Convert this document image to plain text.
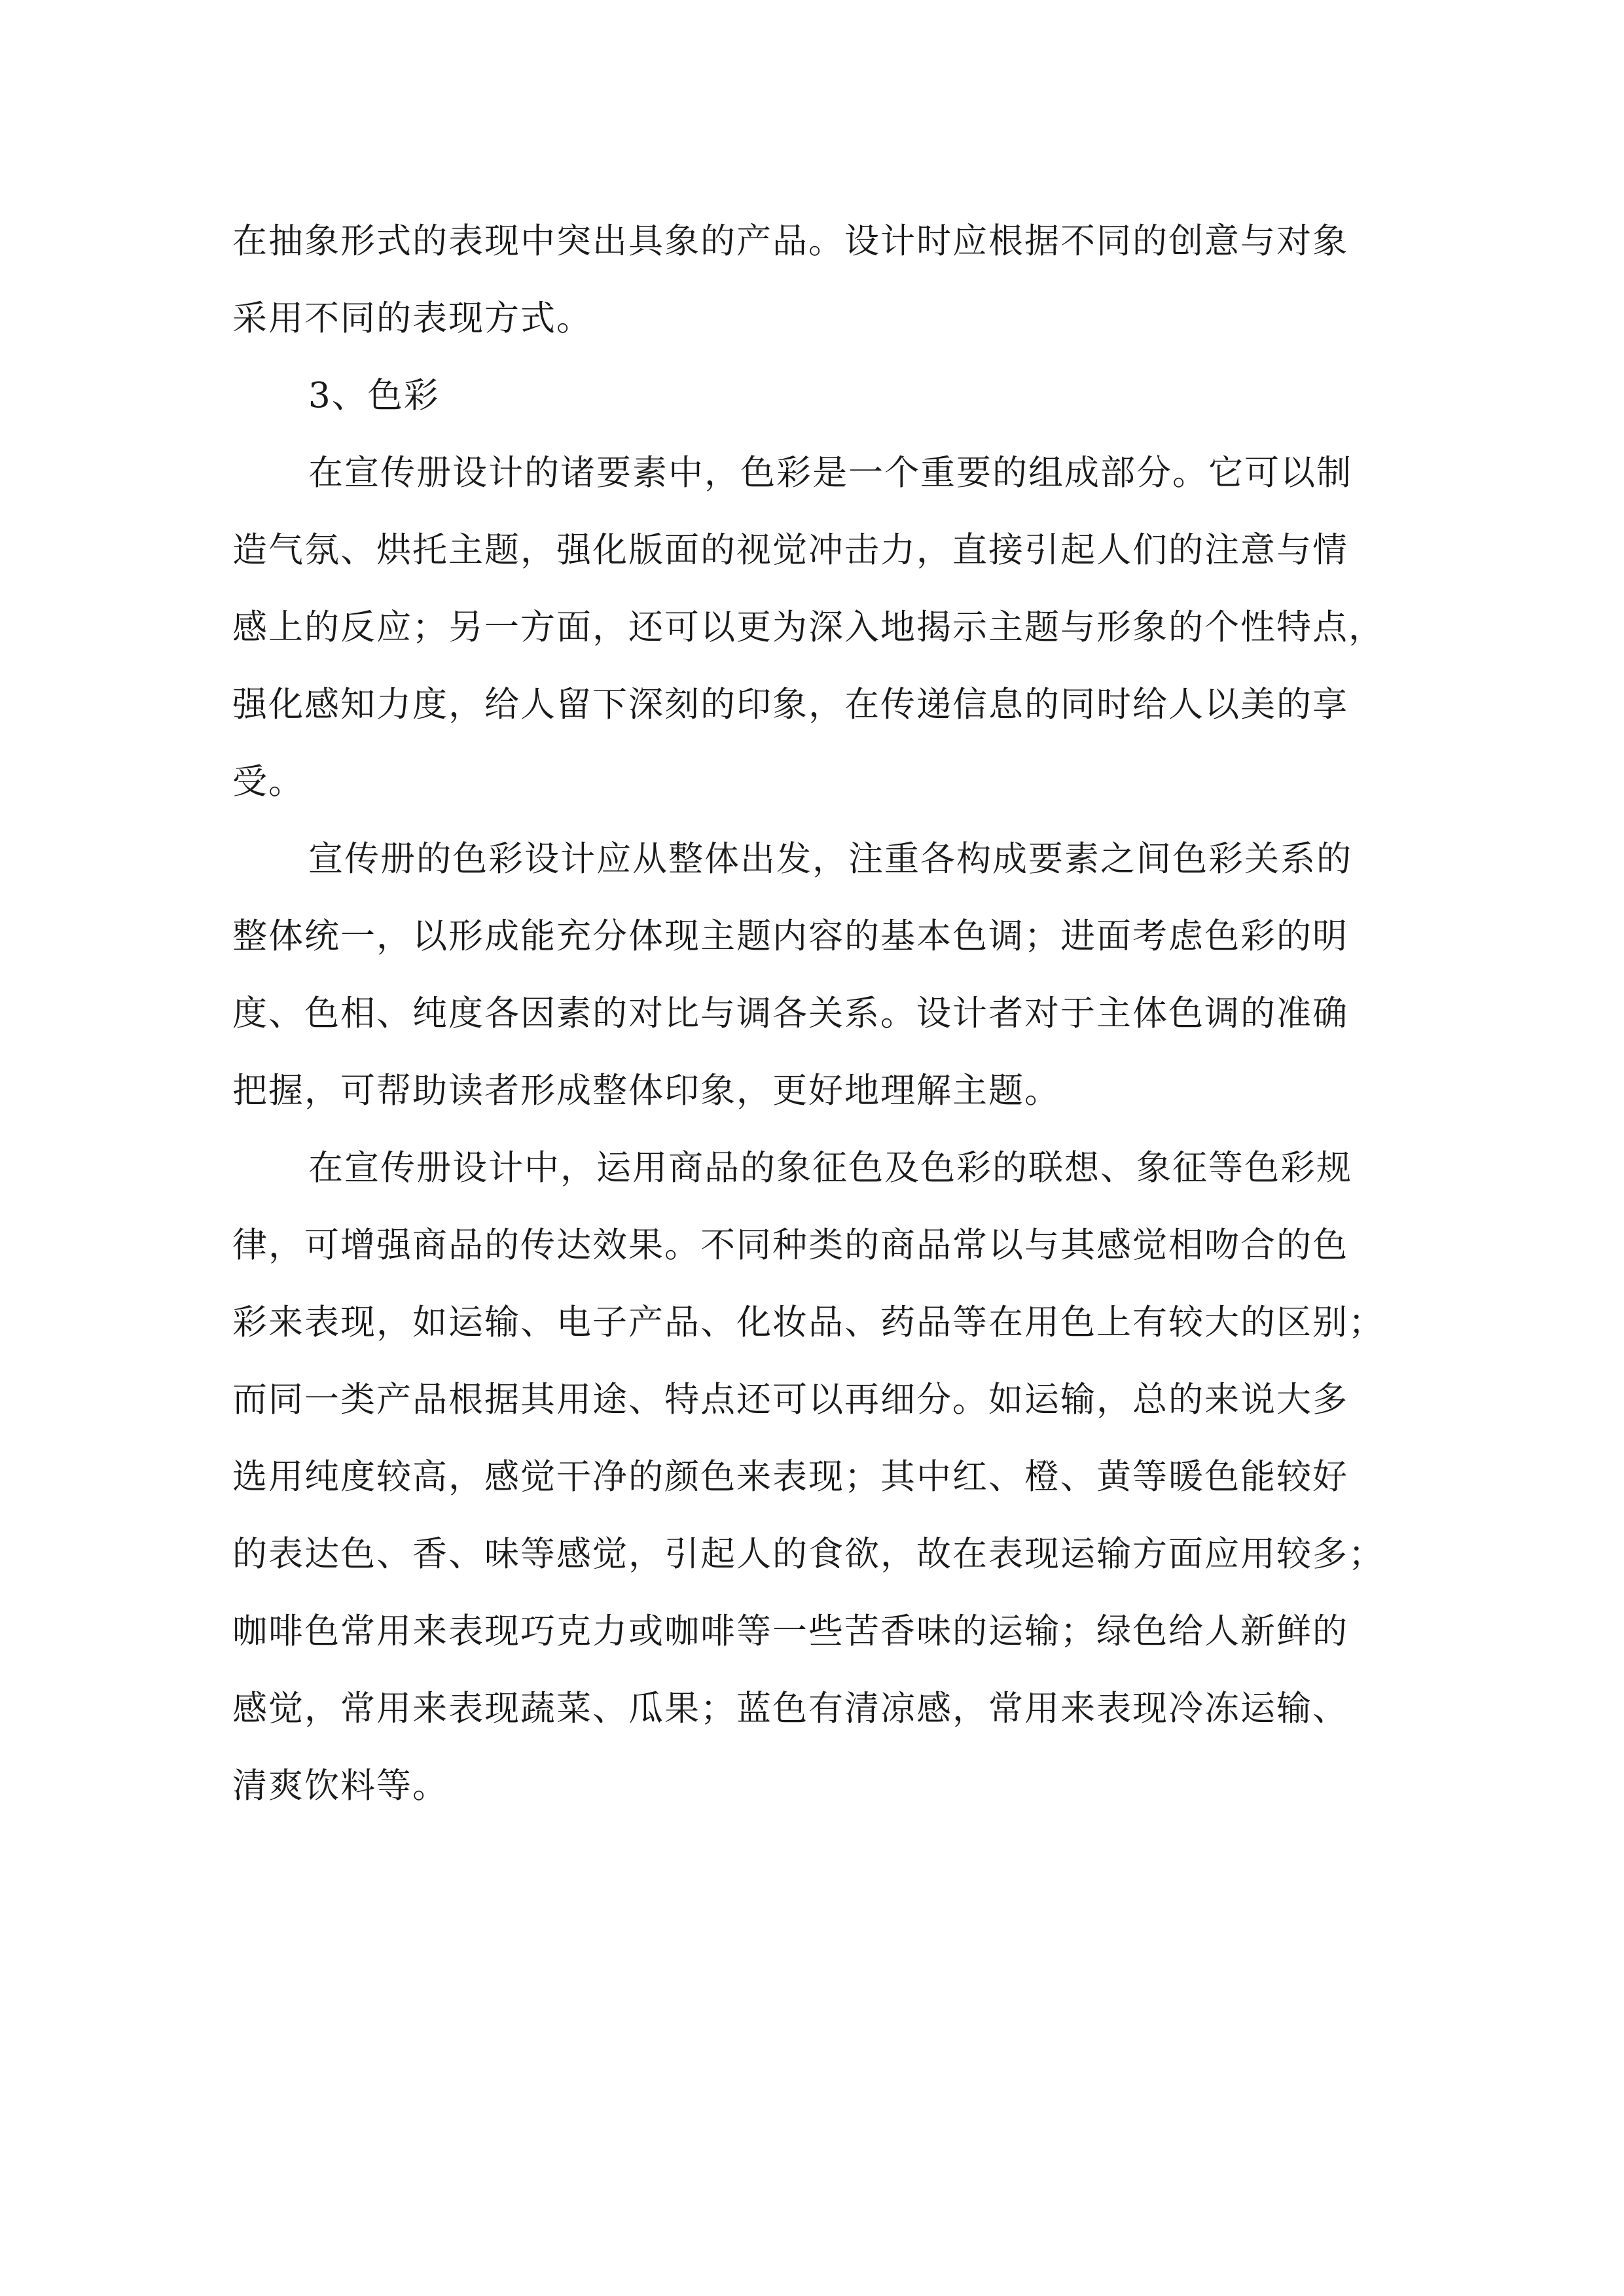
在抽象形式的表现中突出具象的产品。设计时应根据不同的创意与对象
采用不同的表现方式。
3、色彩
在宣传册设计的诸要素中，色彩是一个重要的组成部分。它可以制
造气氛、烘托主题，强化版面的视觉冲击力，直接引起人们的注意与情
感上的反应；另一方面，还可以更为深入地揭示主题与形象的个性特点，
强化感知力度，给人留下深刻的印象，在传递信息的同时给人以美的享
受。
宣传册的色彩设计应从整体出发，注重各构成要素之间色彩关系的
整体统一，以形成能充分体现主题内容的基本色调；进面考虑色彩的明
度、色相、纯度各因素的对比与调各关系。设计者对于主体色调的准确
把握，可帮助读者形成整体印象，更好地理解主题。
在宣传册设计中，运用商品的象征色及色彩的联想、象征等色彩规
律，可增强商品的传达效果。不同种类的商品常以与其感觉相吻合的色
彩来表现，如运输、电子产品、化妆品、药品等在用色上有较大的区别；
而同一类产品根据其用途、特点还可以再细分。如运输，总的来说大多
选用纯度较高，感觉干净的颜色来表现；其中红、橙、黄等暖色能较好
的表达色、香、味等感觉，引起人的食欲，故在表现运输方面应用较多；
咖啡色常用来表现巧克力或咖啡等一些苦香味的运输；绿色给人新鲜的
感觉，常用来表现蔬菜、瓜果；蓝色有清凉感，常用来表现冷冻运输、
清爽饮料等。
